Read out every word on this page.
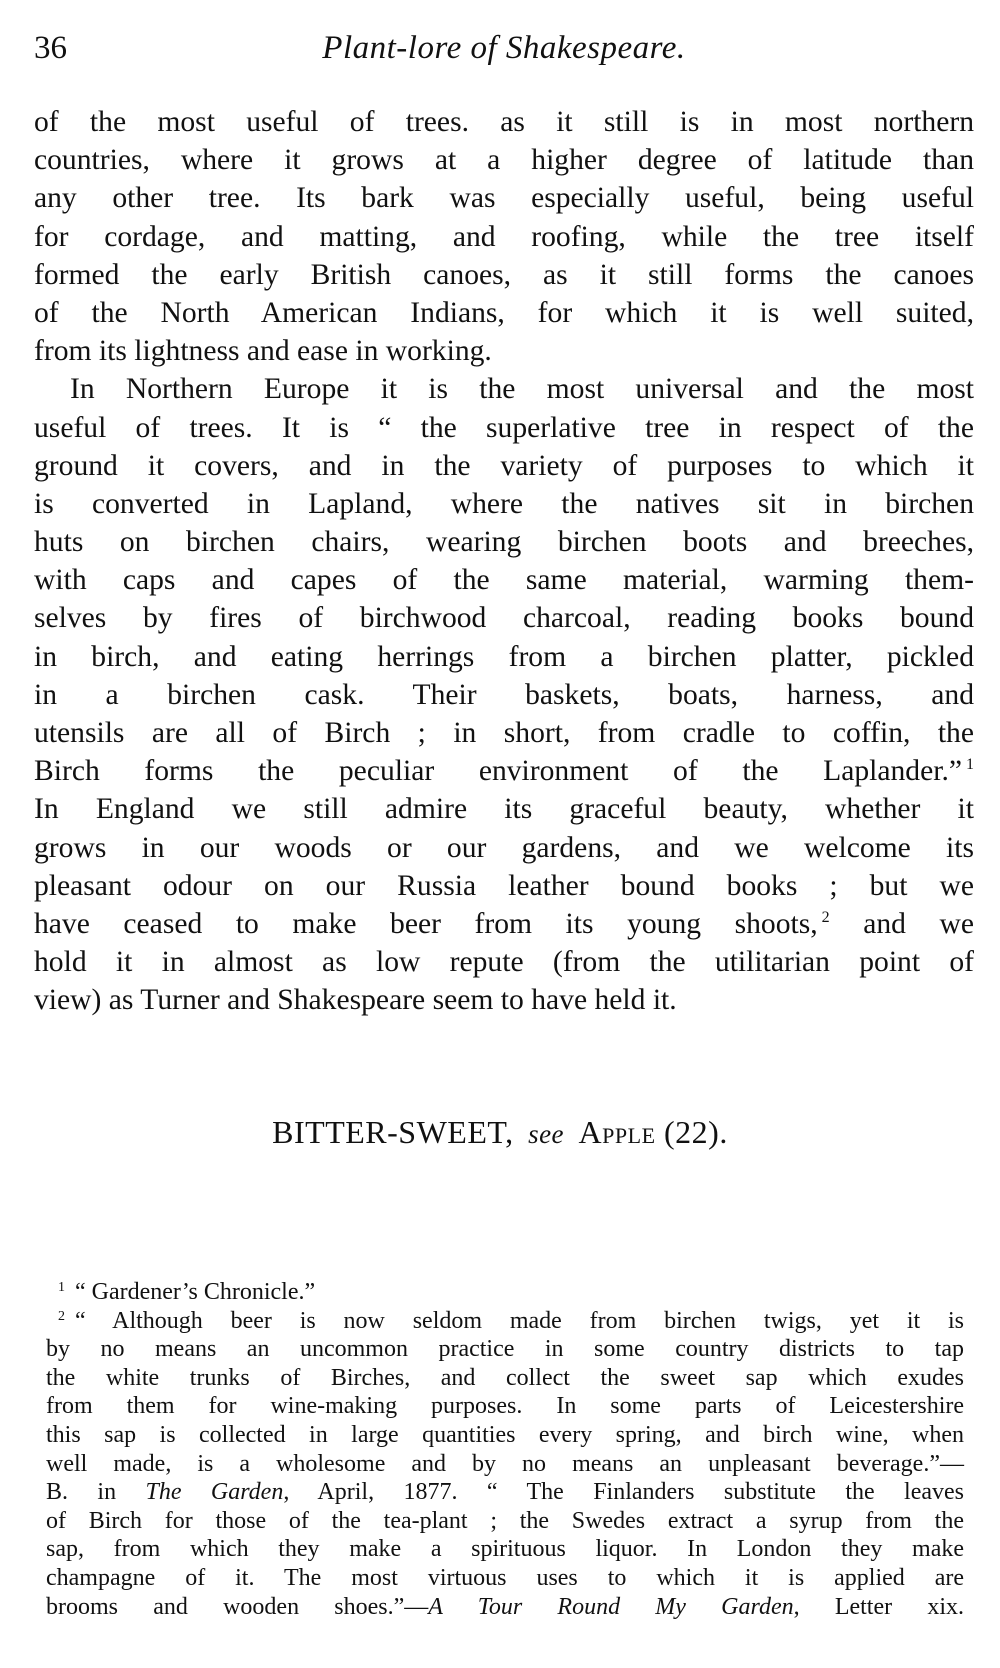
36	Plant-lore of Shakespeare.
of the most useful of trees. as it still is in most northern
countries, where it grows at a higher degree of latitude than
any other tree. Its bark was especially useful, being useful
for cordage, and matting, and roofing, while the tree itself
formed the early British canoes, as it still forms the canoes
of the North American Indians, for which it is well suited,
from its lightness and ease in working.
In Northern Europe it is the most universal and the most
useful of trees. It is “ the superlative tree in respect of the
ground it covers, and in the variety of purposes to which it
is converted in Lapland, where the natives sit in birchen
huts on birchen chairs, wearing birchen boots and breeches,
with caps and capes of the same material, warming them-
selves by fires of birchwood charcoal, reading books bound
in birch, and eating herrings from a birchen platter, pickled
in a birchen cask. Their baskets, boats, harness, and
utensils are all of Birch ; in short, from cradle to coffin, the
Birch forms the peculiar environment of the Laplander.” $^1$
In England we still admire its graceful beauty, whether it
grows in our woods or our gardens, and we welcome its
pleasant odour on our Russia leather bound books ; but we
have ceased to make beer from its young shoots, $^2$ and we
hold it in almost as low repute (from the utilitarian point of
view) as Turner and Shakespeare seem to have held it.
BITTER-SWEET, see Apple (22).
$^1$ “ Gardener’s Chronicle.”
$^2$ “ Although beer is now seldom made from birchen twigs, yet it is
by no means an uncommon practice in some country districts to tap
the white trunks of Birches, and collect the sweet sap which exudes
from them for wine-making purposes. In some parts of Leicestershire
this sap is collected in large quantities every spring, and birch wine, when
well made, is a wholesome and by no means an unpleasant beverage.”—
B. in The Garden, April, 1877. “ The Finlanders substitute the leaves
of Birch for those of the tea-plant ; the Swedes extract a syrup from the
sap, from which they make a spirituous liquor. In London they make
champagne of it. The most virtuous uses to which it is applied are
brooms and wooden shoes.”—A Tour Round My Garden, Letter xix.
